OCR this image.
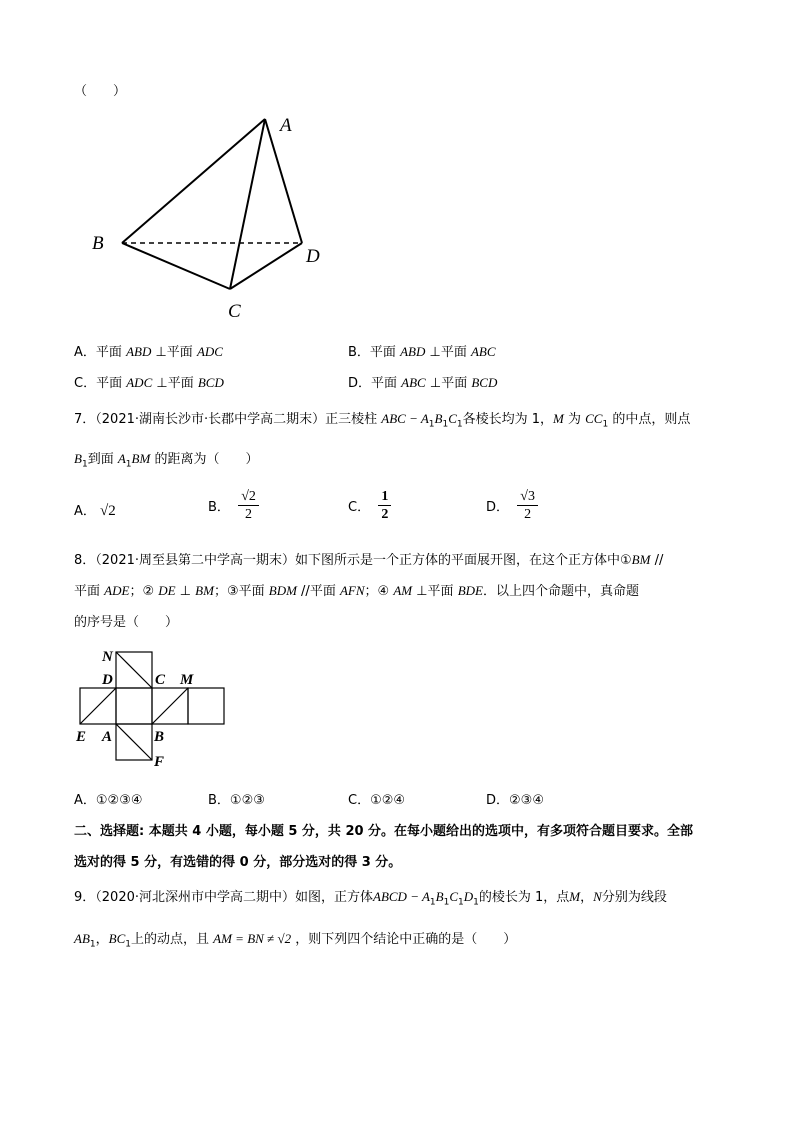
（　　）
A
B
C
D
A．平面 ABD ⊥平面 ADC	B．平面 ABD ⊥平面 ABC
C．平面 ADC ⊥平面 BCD	D．平面 ABC ⊥平面 BCD
7．（2021·湖南长沙市·长郡中学高二期末）正三棱柱 ABC − $A_1B_1C_1$各棱长均为 1，M 为 $CC_1$ 的中点，则点
$B_1$到面 $A_1BM$ 的距离为（　　）
A． √2	B． $\frac{√2}{2}$	C． $\frac{1}{2}$	D． $\frac{√3}{2}$
8．（2021·周至县第二中学高一期末）如下图所示是一个正方体的平面展开图，在这个正方体中①BM //
平面 ADE；② DE ⊥ BM；③平面 BDM //平面 AFN；④ AM ⊥平面 BDE．以上四个命题中，真命题
的序号是（　　）
N
D	C M
E A	B
F
A．①②③④	B．①②③	C．①②④	D．②③④
二、选择题: 本题共 4 小题，每小题 5 分，共 20 分。在每小题给出的选项中，有多项符合题目要求。全部
选对的得 5 分，有选错的得 0 分，部分选对的得 3 分。
9．（2020·河北深州市中学高二期中）如图，正方体ABCD − $A_1B_1C_1D_1$的棱长为 1，点M，N分别为线段
$AB_1$，$BC_1$上的动点，且 AM = BN ≠ √2 ，则下列四个结论中正确的是（　　）
